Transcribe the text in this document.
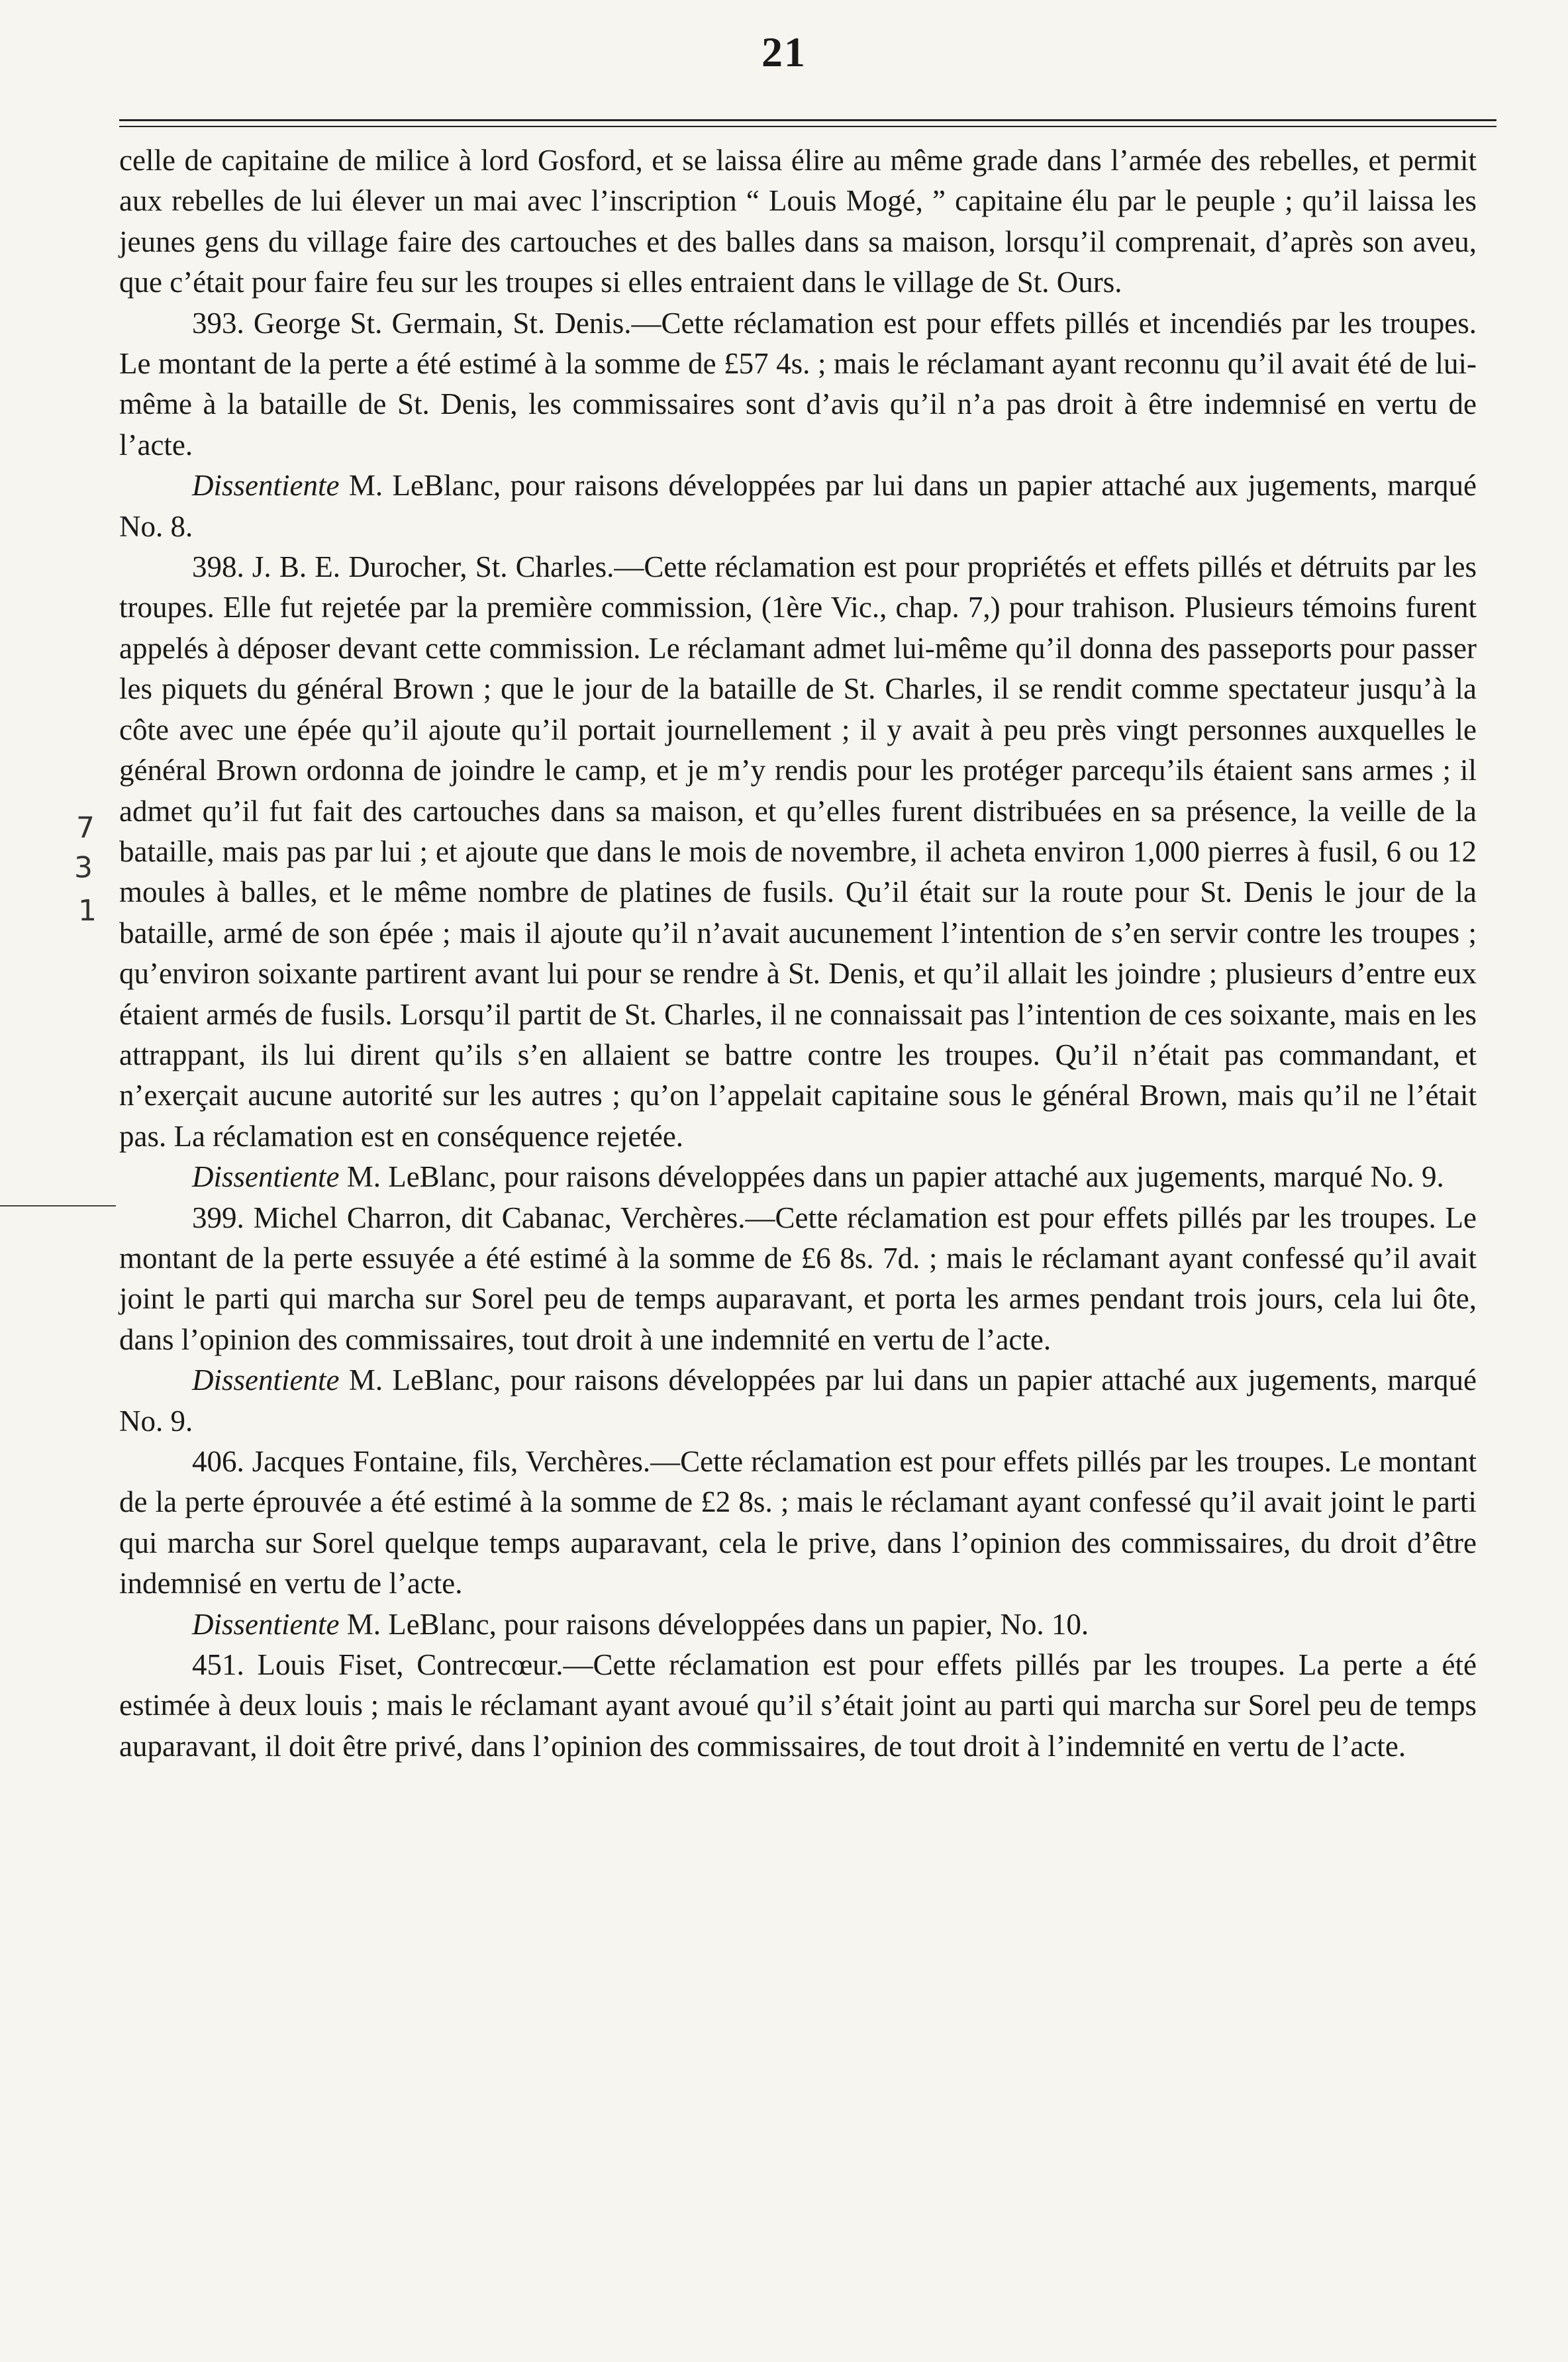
21
7
3
1

celle de capitaine de milice à lord Gosford, et se laissa élire au même grade dans l’armée des rebelles, et permit aux rebelles de lui élever un mai avec l’inscription “ Louis Mogé, ” capitaine élu par le peuple ; qu’il laissa les jeunes gens du village faire des cartouches et des balles dans sa maison, lorsqu’il comprenait, d’après son aveu, que c’était pour faire feu sur les troupes si elles entraient dans le village de St. Ours.

393. George St. Germain, St. Denis.—Cette réclamation est pour effets pillés et incendiés par les troupes. Le montant de la perte a été estimé à la somme de £57 4s. ; mais le réclamant ayant reconnu qu’il avait été de lui-même à la bataille de St. Denis, les commissaires sont d’avis qu’il n’a pas droit à être indemnisé en vertu de l’acte.

Dissentiente M. LeBlanc, pour raisons développées par lui dans un papier attaché aux jugements, marqué No. 8.

398. J. B. E. Durocher, St. Charles.—Cette réclamation est pour propriétés et effets pillés et détruits par les troupes. Elle fut rejetée par la première commission, (1ère Vic., chap. 7,) pour trahison. Plusieurs témoins furent appelés à déposer devant cette commission. Le réclamant admet lui-même qu’il donna des passeports pour passer les piquets du général Brown ; que le jour de la bataille de St. Charles, il se rendit comme spectateur jusqu’à la côte avec une épée qu’il ajoute qu’il portait journellement ; il y avait à peu près vingt personnes auxquelles le général Brown ordonna de joindre le camp, et je m’y rendis pour les protéger parcequ’ils étaient sans armes ; il admet qu’il fut fait des cartouches dans sa maison, et qu’elles furent distribuées en sa présence, la veille de la bataille, mais pas par lui ; et ajoute que dans le mois de novembre, il acheta environ 1,000 pierres à fusil, 6 ou 12 moules à balles, et le même nombre de platines de fusils. Qu’il était sur la route pour St. Denis le jour de la bataille, armé de son épée ; mais il ajoute qu’il n’avait aucunement l’intention de s’en servir contre les troupes ; qu’environ soixante partirent avant lui pour se rendre à St. Denis, et qu’il allait les joindre ; plusieurs d’entre eux étaient armés de fusils. Lorsqu’il partit de St. Charles, il ne connaissait pas l’intention de ces soixante, mais en les attrappant, ils lui dirent qu’ils s’en allaient se battre contre les troupes. Qu’il n’était pas commandant, et n’exerçait aucune autorité sur les autres ; qu’on l’appelait capitaine sous le général Brown, mais qu’il ne l’était pas. La réclamation est en conséquence rejetée.

Dissentiente M. LeBlanc, pour raisons développées dans un papier attaché aux jugements, marqué No. 9.

399. Michel Charron, dit Cabanac, Verchères.—Cette réclamation est pour effets pillés par les troupes. Le montant de la perte essuyée a été estimé à la somme de £6 8s. 7d. ; mais le réclamant ayant confessé qu’il avait joint le parti qui marcha sur Sorel peu de temps auparavant, et porta les armes pendant trois jours, cela lui ôte, dans l’opinion des commissaires, tout droit à une indemnité en vertu de l’acte.

Dissentiente M. LeBlanc, pour raisons développées par lui dans un papier attaché aux jugements, marqué No. 9.

406. Jacques Fontaine, fils, Verchères.—Cette réclamation est pour effets pillés par les troupes. Le montant de la perte éprouvée a été estimé à la somme de £2 8s. ; mais le réclamant ayant confessé qu’il avait joint le parti qui marcha sur Sorel quelque temps auparavant, cela le prive, dans l’opinion des commissaires, du droit d’être indemnisé en vertu de l’acte.

Dissentiente M. LeBlanc, pour raisons développées dans un papier, No. 10.

451. Louis Fiset, Contrecœur.—Cette réclamation est pour effets pillés par les troupes. La perte a été estimée à deux louis ; mais le réclamant ayant avoué qu’il s’était joint au parti qui marcha sur Sorel peu de temps auparavant, il doit être privé, dans l’opinion des commissaires, de tout droit à l’indemnité en vertu de l’acte.
